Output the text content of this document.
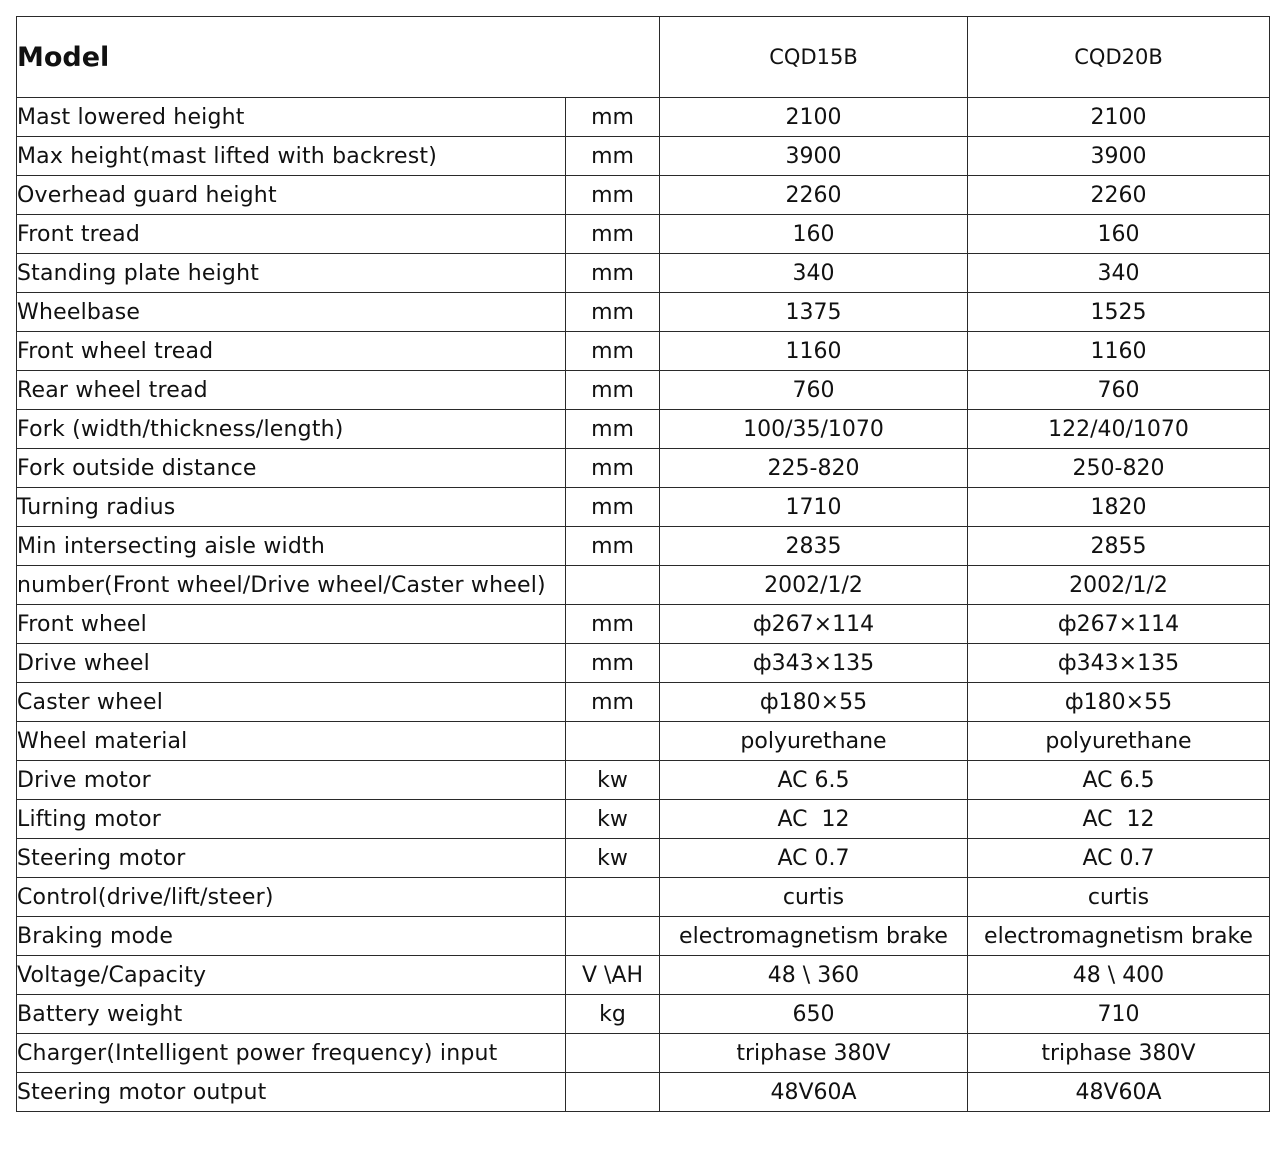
Model		CQD15B	CQD20B
Mast lowered height	mm	2100	2100
Max height(mast lifted with backrest)	mm	3900	3900
Overhead guard height	mm	2260	2260
Front tread	mm	160	160
Standing plate height	mm	340	340
Wheelbase	mm	1375	1525
Front wheel tread	mm	1160	1160
Rear wheel tread	mm	760	760
Fork (width/thickness/length)	mm	100/35/1070	122/40/1070
Fork outside distance	mm	225-820	250-820
Turning radius	mm	1710	1820
Min intersecting aisle width	mm	2835	2855
number(Front wheel/Drive wheel/Caster wheel)		2002/1/2	2002/1/2
Front wheel	mm	ф267×114	ф267×114
Drive wheel	mm	ф343×135	ф343×135
Caster wheel	mm	ф180×55	ф180×55
Wheel material		polyurethane	polyurethane
Drive motor	kw	AC 6.5	AC 6.5
Lifting motor	kw	AC  12	AC  12
Steering motor	kw	AC 0.7	AC 0.7
Control(drive/lift/steer)		curtis	curtis
Braking mode		electromagnetism brake	electromagnetism brake
Voltage/Capacity	V \AH	48 \ 360	48 \ 400
Battery weight	kg	650	710
Charger(Intelligent power frequency) input		triphase 380V	triphase 380V
Steering motor output		48V60A	48V60A
